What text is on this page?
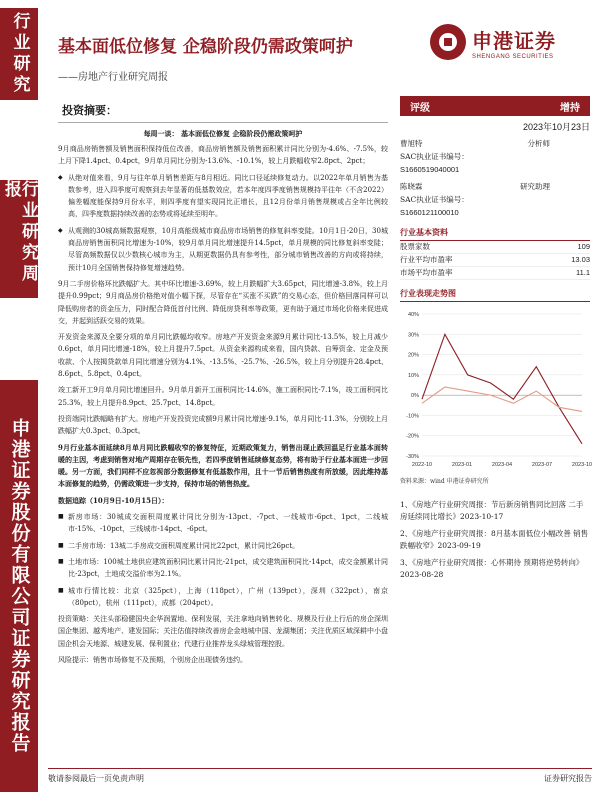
行业研究
行业研究周报
申港证券股份有限公司证券研究报告
基本面低位修复 企稳阶段仍需政策呵护
——房地产行业研究周报
申港证券
SHENGANG SECURITIES
投资摘要：
每周一谈： 基本面低位修复 企稳阶段仍需政策呵护
9月商品房销售额及销售面积保持低位改善，商品房销售额及销售面积累计同比分别为-4.6%、-7.5%，较上月下降1.4pct、0.4pct，9月单月同比分别为-13.6%、-10.1%，较上月跌幅收窄2.8pct、2pct；
◆ 从绝对值来看，9月与往年单月销售差距与8月相近。同比口径延续修复动力。以2022年单月销售为基数参考，进入四季度可观察到去年显著的低基数效应，若本年度四季度销售规模持平往年（不含2022）偏差幅度能保持9月份水平，则四季度有望实现同比正增长，且12月份单月销售规模或占全年比例较高，四季度数据持续改善的态势或将延续至明年。
◆ 从观测的30城高频数据观察，10月高能级城市商品房市场销售的修复斜率变陡。10月1日-20日，30城商品房销售面积同比增速为-10%，较9月单月同比增速提升14.5pct，单月规模的同比修复斜率变陡；尽管高频数据仅以少数核心城市为主，从期更数据仍具有参考性，部分城市销售改善的方向或将持续，预计10月全国销售保持修复增速趋势。
9月二手房价格环比跌幅扩大。其中环比增速-3.69%，较上月跌幅扩大3.65pct，同比增速-3.8%，较上月提升0.99pct；9月商品房价格绝对值小幅下探，尽管存在“买涨不买跌”的交易心态，但价格回落同样可以降低购房者的资金压力，同时配合降低首付比例、降低房贷利率等政策，更有助于通过市场化价格来促进成交，并起到活跃交易的效果。
开发资金来源及全要分项的单月同比跌幅均收窄。房地产开发资金来源9月累计同比-13.5%，较上月减少0.6pct，单月同比增速-18%，较上月提升7.5pct。从资金来源构成来看，国内贷款、自筹资金、定金及预收款、个人按揭贷款单月同比增速分别为4.1%、-13.5%、-25.7%、-26.5%，较上月分别提升28.4pct、8.6pct、5.8pct、0.4pct。
竣工新开工9月单月同比增速回升。9月单月新开工面积同比-14.6%，施工面积同比-7.1%，竣工面积同比25.3%，较上月提升8.9pct、25.7pct、14.8pct。
投资端同比跌幅略有扩大。房地产开发投资完成额9月累计同比增速-9.1%，单月同比-11.3%，分别较上月跌幅扩大0.3pct、0.3pct。
9月行业基本面延续8月单月同比跌幅收窄的修复特征，近期政策复力，销售出现止跌回温足行业基本面转暖的主因，考虑到销售对地产周期存在领先性，若四季度销售延续修复态势，将有助于行业基本面进一步回暖。另一方面，我们同样不应忽视部分数据修复有低基数作用，且十一节后销售热度有所放缓，因此维持基本面修复的趋势，仍需政策进一步支持，保持市场的销售热度。
数据追踪（10月9日-10月15日）：
■ 新房市场：30城成交面积周度累计同比分别为-13pct、-7pct、一线城市-6pct、1pct，二线城市-15%、-10pct，三线城市-14pct、-6pct。
■ 二手房市场：13城二手房成交面积周度累计同比22pct，累计同比26pct。
■ 土地市场：100城土地供应建筑面积同比累计同比-21pct，成交建筑面积同比-14pct，成交金额累计同比-23pct，土地成交溢价率为2.1%。
■ 城市行情比较：北京（325pct），上海（118pct），广州（139pct），深圳（322pct），南京（80pct），杭州（111pct），成都（204pct）。
投资策略：关注头部稳健国央企华润置地、保利发展，关注拿地向销售转化、规模及行业上行后的房企深圳国企集团、越秀地产、建发国际；关注估值持续改善房企金地城中国、龙湖集团；关注优质区域深耕中小盘国企机会天地源、城建发展、保利置业；代建行业推荐龙头绿城管理控股。
风险提示：销售市场修复不及预期，个别房企出现债务违约。
评级	增持
2023年10月23日
曹旭特	分析师
SAC执业证书编号：
S1660519040001
陈晓霖	研究助理
SAC执业证书编号：
S1660121100010
行业基本资料
股票家数	109
行业平均市盈率	13.03
市场平均市盈率	11.1
行业表现走势图
40%
30%
20%
10%
0%
-10%
-20%
-30%
2022-10	2023-01	2023-04	2023-07	2023-10
资料来源：wind 申港证券研究所
1、《房地产行业研究周报：节后新房销售同比回落 二手房延续同比增长》2023-10-17
2、《房地产行业研究周报：8月基本面低位小幅改善 销售跌幅收窄》2023-09-19
3、《房地产行业研究周报：心怀期待 预期将逆势转向》2023-08-28
敬请参阅最后一页免责声明	证券研究报告
